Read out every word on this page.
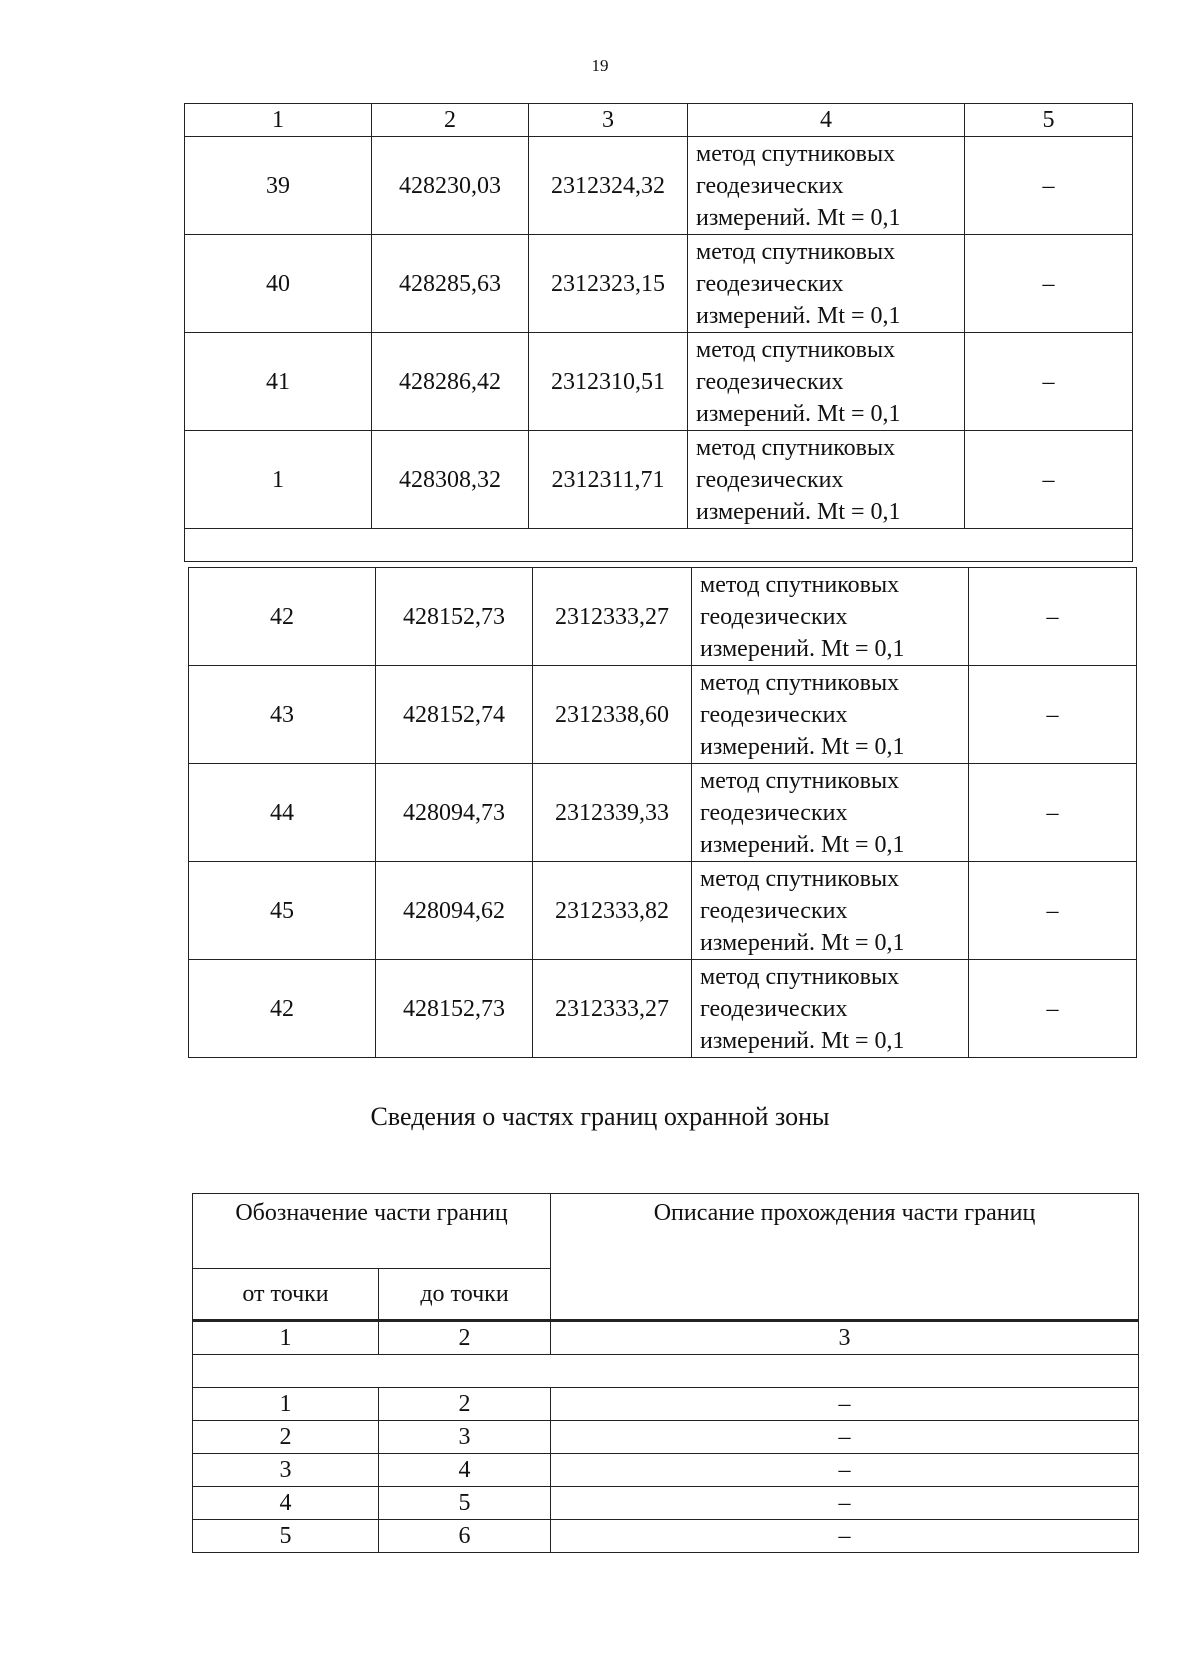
19
1	2	3	4	5
39	428230,03	2312324,32	метод спутниковых
геодезических
измерений. Mt = 0,1	–
40	428285,63	2312323,15	метод спутниковых
геодезических
измерений. Mt = 0,1	–
41	428286,42	2312310,51	метод спутниковых
геодезических
измерений. Mt = 0,1	–
1	428308,32	2312311,71	метод спутниковых
геодезических
измерений. Mt = 0,1	–

42	428152,73	2312333,27	метод спутниковых
геодезических
измерений. Mt = 0,1	–
43	428152,74	2312338,60	метод спутниковых
геодезических
измерений. Mt = 0,1	–
44	428094,73	2312339,33	метод спутниковых
геодезических
измерений. Mt = 0,1	–
45	428094,62	2312333,82	метод спутниковых
геодезических
измерений. Mt = 0,1	–
42	428152,73	2312333,27	метод спутниковых
геодезических
измерений. Mt = 0,1	–
Сведения о частях границ охранной зоны
Обозначение части границ		Описание прохождения части границ
от точки	до точки	
1	2	3

1	2	–
2	3	–
3	4	–
4	5	–
5	6	–
